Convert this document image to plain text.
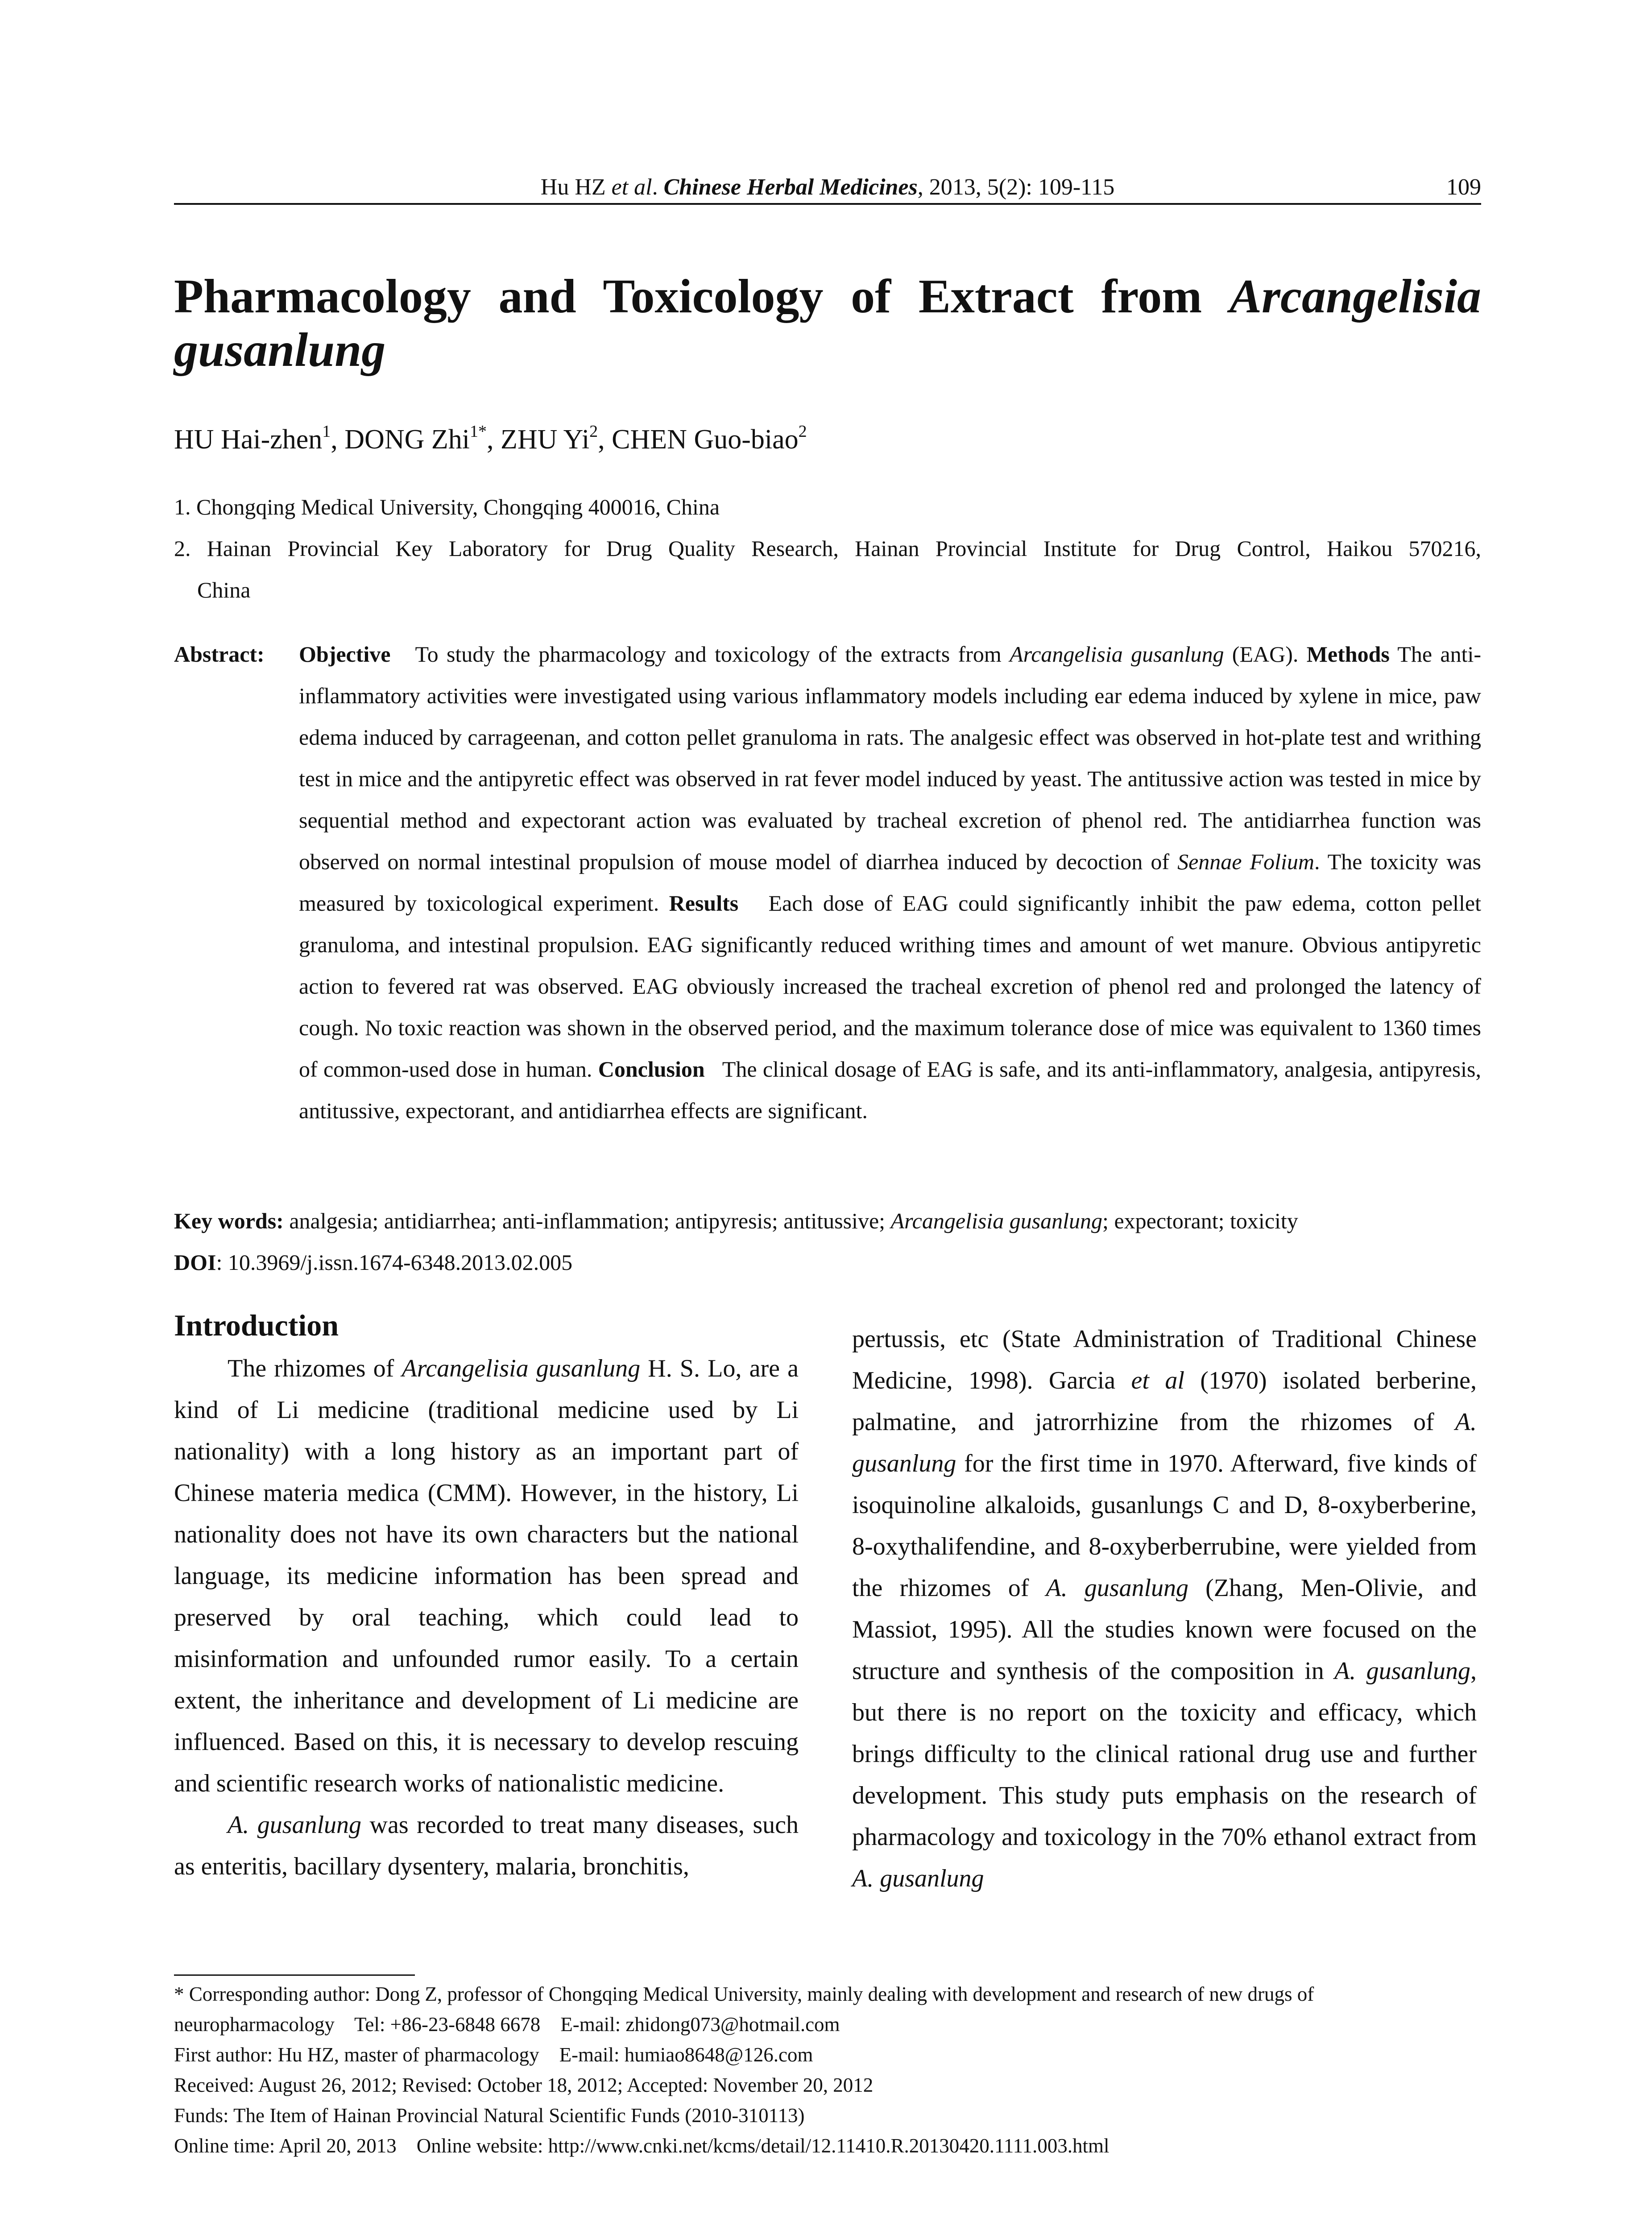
Hu HZ et al. Chinese Herbal Medicines, 2013, 5(2): 109-115	109
Pharmacology and Toxicology of Extract from Arcangelisia
gusanlung
HU Hai-zhen$^1$, DONG Zhi$^{1*}$, ZHU Yi$^2$, CHEN Guo-biao$^2$
1. Chongqing Medical University, Chongqing 400016, China
2. Hainan Provincial Key Laboratory for Drug Quality Research, Hainan Provincial Institute for Drug Control, Haikou 570216,
China
Abstract: Objective To study the pharmacology and toxicology of the extracts from Arcangelisia gusanlung (EAG). Methods The anti-inflammatory activities were investigated using various inflammatory models including ear edema induced by xylene in mice, paw edema induced by carrageenan, and cotton pellet granuloma in rats. The analgesic effect was observed in hot-plate test and writhing test in mice and the antipyretic effect was observed in rat fever model induced by yeast. The antitussive action was tested in mice by sequential method and expectorant action was evaluated by tracheal excretion of phenol red. The antidiarrhea function was observed on normal intestinal propulsion of mouse model of diarrhea induced by decoction of Sennae Folium. The toxicity was measured by toxicological experiment. Results   Each dose of EAG could significantly inhibit the paw edema, cotton pellet granuloma, and intestinal propulsion. EAG significantly reduced writhing times and amount of wet manure. Obvious antipyretic action to fevered rat was observed. EAG obviously increased the tracheal excretion of phenol red and prolonged the latency of cough. No toxic reaction was shown in the observed period, and the maximum tolerance dose of mice was equivalent to 1360 times of common-used dose in human. Conclusion   The clinical dosage of EAG is safe, and its anti-inflammatory, analgesia, antipyresis, antitussive, expectorant, and antidiarrhea effects are significant.
Key words: analgesia; antidiarrhea; anti-inflammation; antipyresis; antitussive; Arcangelisia gusanlung; expectorant; toxicity
DOI: 10.3969/j.issn.1674-6348.2013.02.005
Introduction

The rhizomes of Arcangelisia gusanlung H. S. Lo, are a kind of Li medicine (traditional medicine used by Li nationality) with a long history as an important part of Chinese materia medica (CMM). However, in the history, Li nationality does not have its own characters but the national language, its medicine information has been spread and preserved by oral teaching, which could lead to misinformation and unfounded rumor easily. To a certain extent, the inheritance and development of Li medicine are influenced. Based on this, it is necessary to develop rescuing and scientific research works of nationalistic medicine.

A. gusanlung was recorded to treat many diseases, such as enteritis, bacillary dysentery, malaria, bronchitis,

pertussis, etc (State Administration of Traditional Chinese Medicine, 1998). Garcia et al (1970) isolated berberine, palmatine, and jatrorrhizine from the rhizomes of A. gusanlung for the first time in 1970. Afterward, five kinds of isoquinoline alkaloids, gusanlungs C and D, 8-oxyberberine, 8-oxythalifendine, and 8-oxyberberrubine, were yielded from the rhizomes of A. gusanlung (Zhang, Men-Olivie, and Massiot, 1995). All the studies known were focused on the structure and synthesis of the composition in A. gusanlung, but there is no report on the toxicity and efficacy, which brings difficulty to the clinical rational drug use and further development. This study puts emphasis on the research of pharmacology and toxicology in the 70% ethanol extract from A. gusanlung

* Corresponding author: Dong Z, professor of Chongqing Medical University, mainly dealing with development and research of new drugs of
neuropharmacology    Tel: +86-23-6848 6678    E-mail: zhidong073@hotmail.com
First author: Hu HZ, master of pharmacology    E-mail: humiao8648@126.com
Received: August 26, 2012; Revised: October 18, 2012; Accepted: November 20, 2012
Funds: The Item of Hainan Provincial Natural Scientific Funds (2010-310113)
Online time: April 20, 2013    Online website: http://www.cnki.net/kcms/detail/12.11410.R.20130420.1111.003.html
